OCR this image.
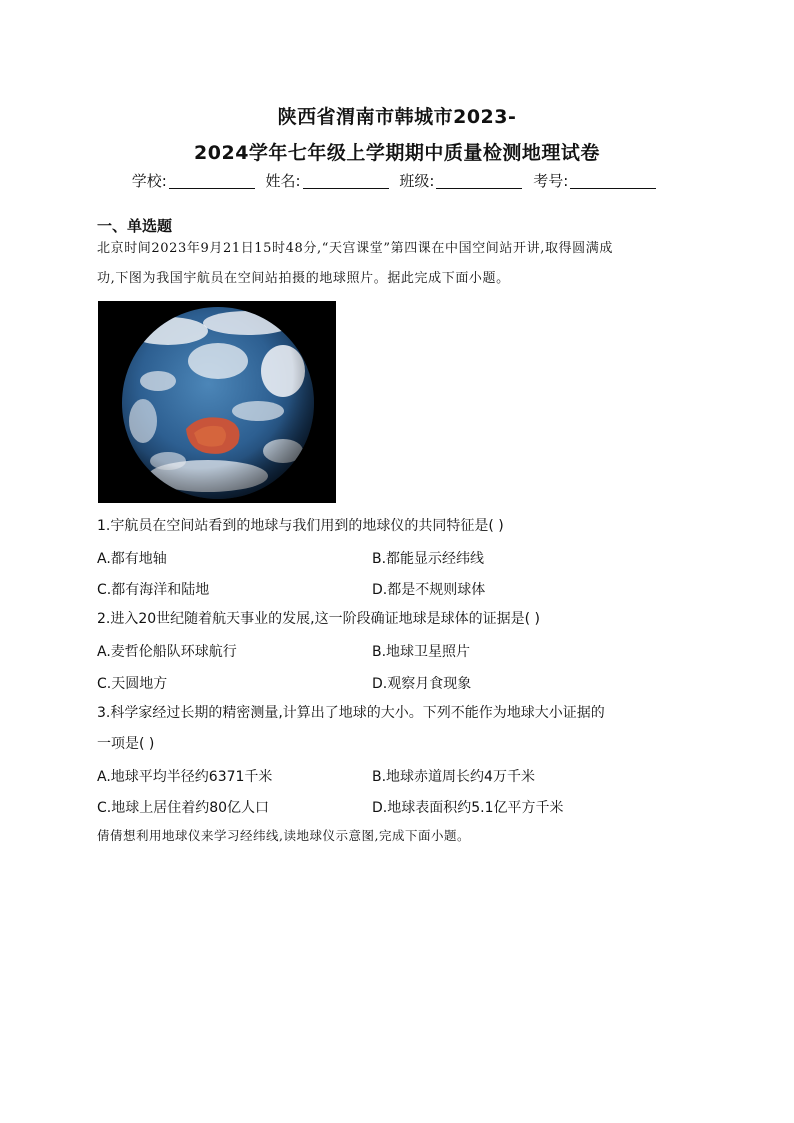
陕西省渭南市韩城市2023-
2024学年七年级上学期期中质量检测地理试卷
学校:	姓名:	班级:	考号:
一、单选题
北京时间2023年9月21日15时48分,“天宫课堂”第四课在中国空间站开讲,取得圆满成
功,下图为我国宇航员在空间站拍摄的地球照片。据此完成下面小题。
1.宇航员在空间站看到的地球与我们用到的地球仪的共同特征是( )
A.都有地轴	B.都能显示经纬线
C.都有海洋和陆地	D.都是不规则球体
2.进入20世纪随着航天事业的发展,这一阶段确证地球是球体的证据是( )
A.麦哲伦船队环球航行	B.地球卫星照片
C.天圆地方	D.观察月食现象
3.科学家经过长期的精密测量,计算出了地球的大小。下列不能作为地球大小证据的
一项是( )
A.地球平均半径约6371千米	B.地球赤道周长约4万千米
C.地球上居住着约80亿人口	D.地球表面积约5.1亿平方千米
倩倩想利用地球仪来学习经纬线,读地球仪示意图,完成下面小题。
